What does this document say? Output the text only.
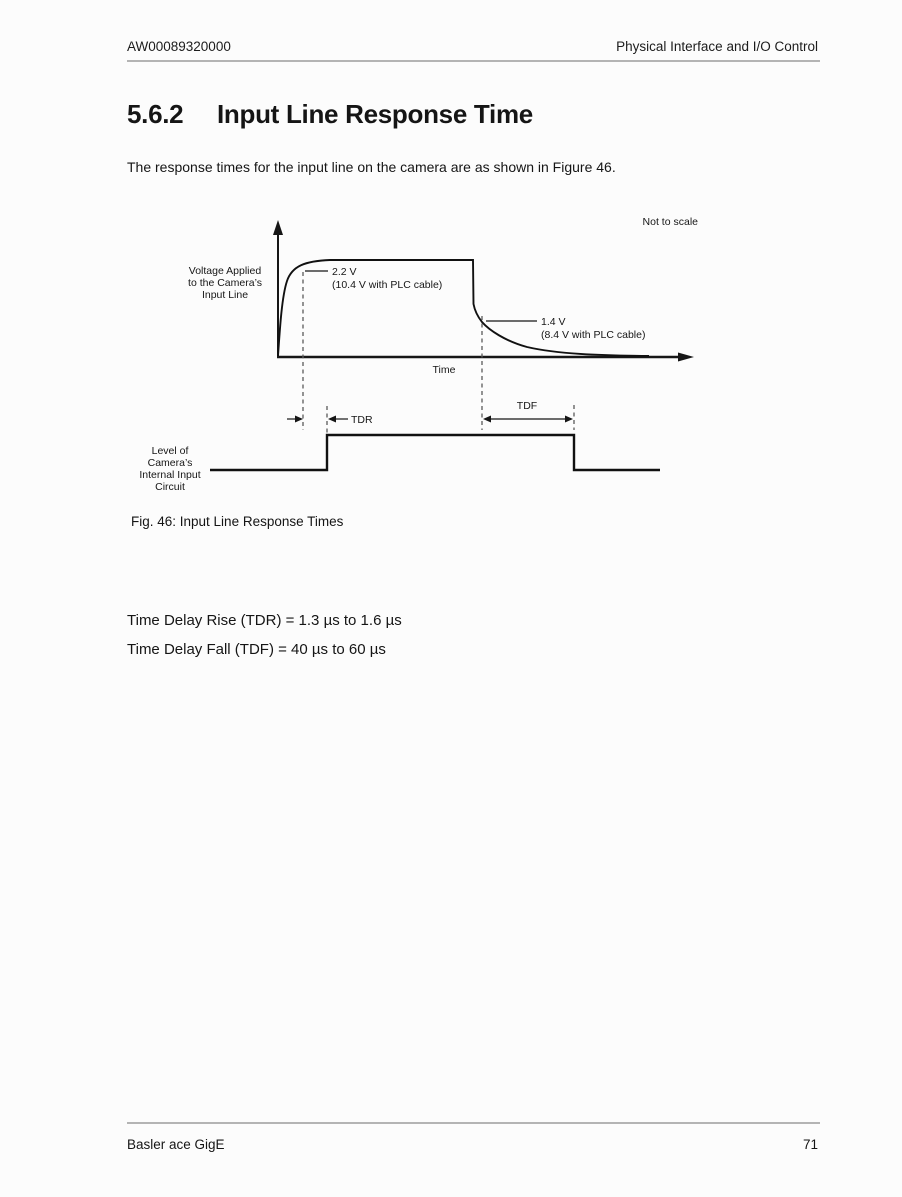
AW00089320000	Physical Interface and I/O Control
5.6.2 Input Line Response Time
The response times for the input line on the camera are as shown in Figure 46.
Not to scale
2.2 V
(10.4 V with PLC cable)
1.4 V
(8.4 V with PLC cable)
Time
Voltage Applied
to the Camera’s
Input Line
TDR
TDF
Level of
Camera’s
Internal Input
Circuit
Fig. 46: Input Line Response Times
Time Delay Rise (TDR) = 1.3 µs to 1.6 µs
Time Delay Fall (TDF) = 40 µs to 60 µs
Basler ace GigE	71
